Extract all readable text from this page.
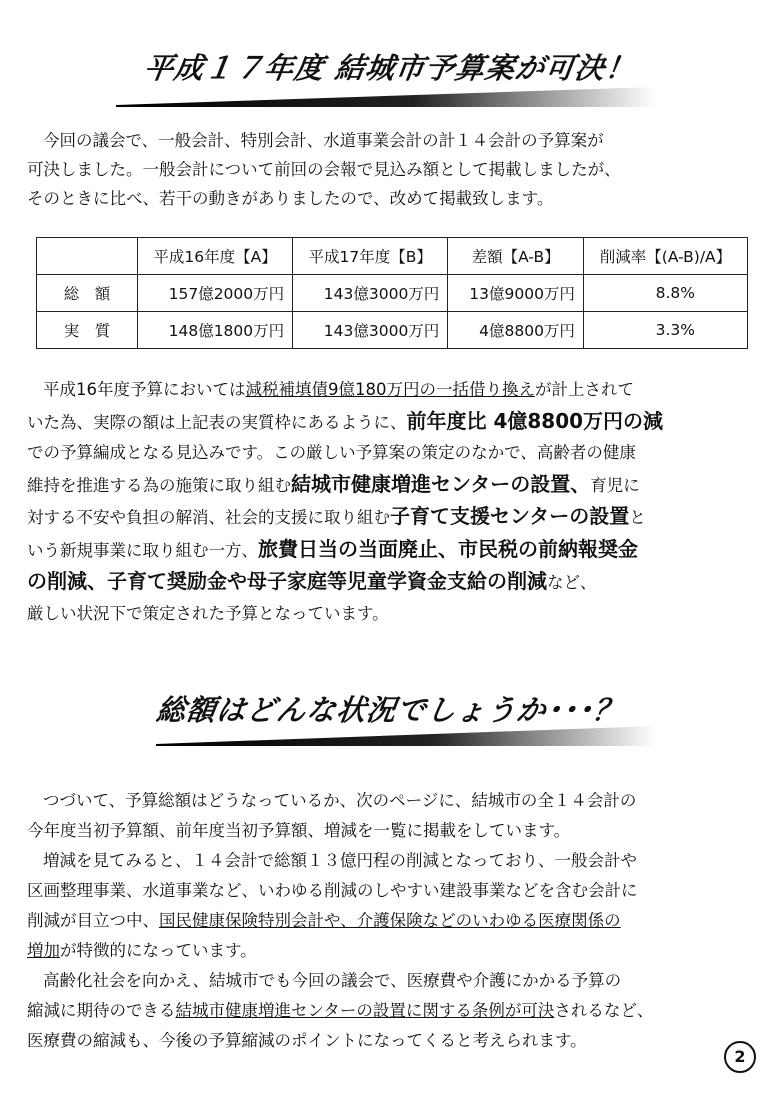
平成１７年度 結城市予算案が可決！
今回の議会で、一般会計、特別会計、水道事業会計の計１４会計の予算案が
可決しました。一般会計について前回の会報で見込み額として掲載しましたが、
そのときに比べ、若干の動きがありましたので、改めて掲載致します。
	平成16年度【A】	平成17年度【B】	差額【A-B】	削減率【(A-B)/A】
総　額	157億2000万円	143億3000万円	13億9000万円	8.8%
実　質	148億1800万円	143億3000万円	4億8800万円	3.3%
平成16年度予算においては減税補填債9億180万円の一括借り換えが計上されて
いた為、実際の額は上記表の実質枠にあるように、前年度比 4億8800万円の減
での予算編成となる見込みです。この厳しい予算案の策定のなかで、高齢者の健康
維持を推進する為の施策に取り組む結城市健康増進センターの設置、育児に
対する不安や負担の解消、社会的支援に取り組む子育て支援センターの設置と
いう新規事業に取り組む一方、旅費日当の当面廃止、市民税の前納報奨金
の削減、子育て奨励金や母子家庭等児童学資金支給の削減など、
厳しい状況下で策定された予算となっています。
総額はどんな状況でしょうか･･･？
つづいて、予算総額はどうなっているか、次のページに、結城市の全１４会計の
今年度当初予算額、前年度当初予算額、増減を一覧に掲載をしています。
増減を見てみると、１４会計で総額１３億円程の削減となっており、一般会計や
区画整理事業、水道事業など、いわゆる削減のしやすい建設事業などを含む会計に
削減が目立つ中、国民健康保険特別会計や、介護保険などのいわゆる医療関係の
増加が特徴的になっています。
高齢化社会を向かえ、結城市でも今回の議会で、医療費や介護にかかる予算の
縮減に期待のできる結城市健康増進センターの設置に関する条例が可決されるなど、
医療費の縮減も、今後の予算縮減のポイントになってくると考えられます。
2
